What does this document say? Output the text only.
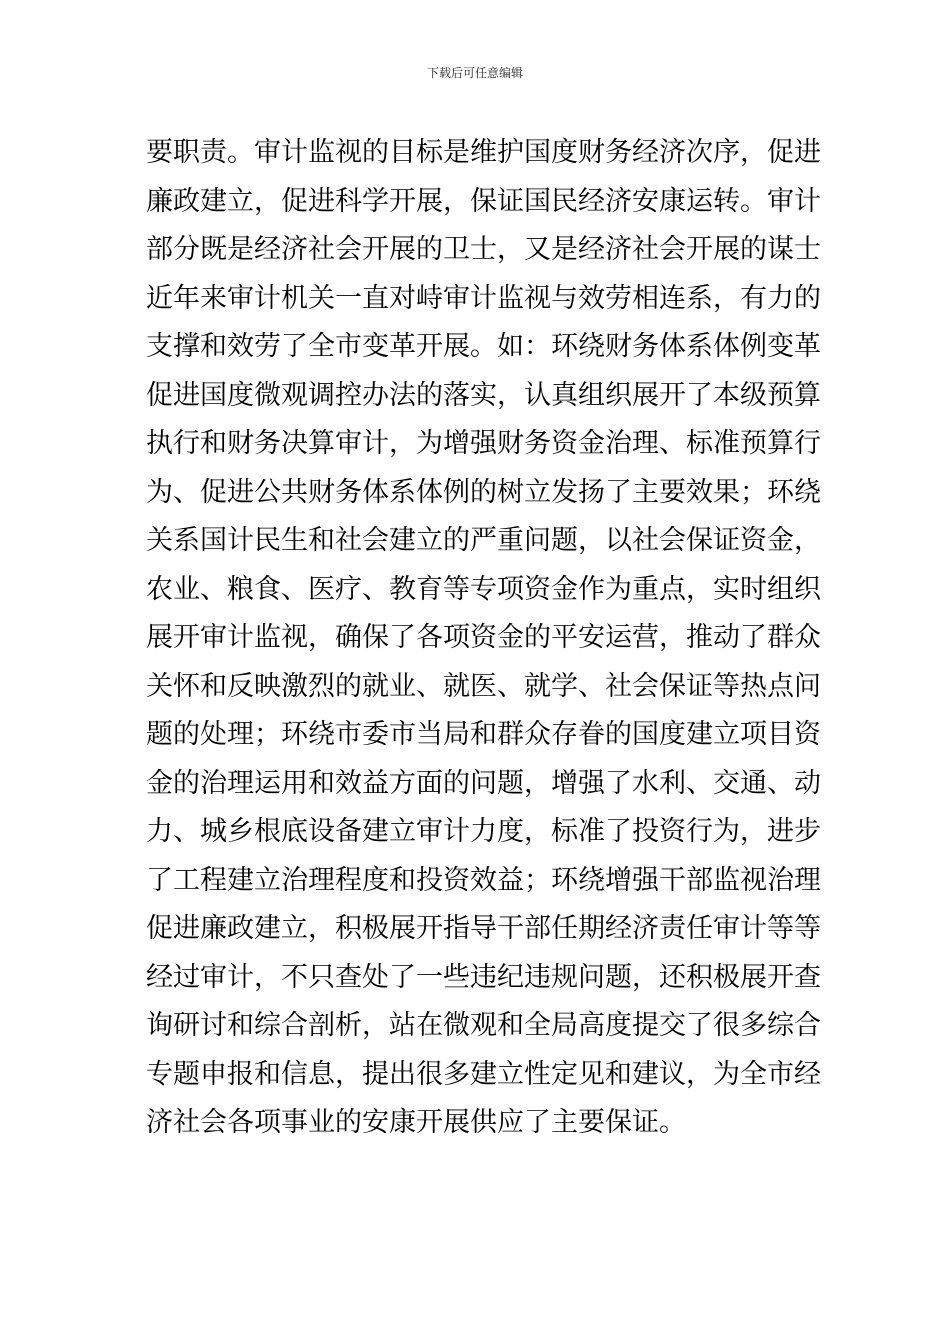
下载后可任意编辑
要职责。审计监视的目标是维护国度财务经济次序，促进
廉政建立，促进科学开展，保证国民经济安康运转。审计
部分既是经济社会开展的卫士，又是经济社会开展的谋士
近年来审计机关一直对峙审计监视与效劳相连系，有力的
支撑和效劳了全市变革开展。如：环绕财务体系体例变革
促进国度微观调控办法的落实，认真组织展开了本级预算
执行和财务决算审计，为增强财务资金治理、标准预算行
为、促进公共财务体系体例的树立发扬了主要效果；环绕
关系国计民生和社会建立的严重问题，以社会保证资金，
农业、粮食、医疗、教育等专项资金作为重点，实时组织
展开审计监视，确保了各项资金的平安运营，推动了群众
关怀和反映激烈的就业、就医、就学、社会保证等热点问
题的处理；环绕市委市当局和群众存眷的国度建立项目资
金的治理运用和效益方面的问题，增强了水利、交通、动
力、城乡根底设备建立审计力度，标准了投资行为，进步
了工程建立治理程度和投资效益；环绕增强干部监视治理
促进廉政建立，积极展开指导干部任期经济责任审计等等
经过审计，不只查处了一些违纪违规问题，还积极展开查
询研讨和综合剖析，站在微观和全局高度提交了很多综合
专题申报和信息，提出很多建立性定见和建议，为全市经
济社会各项事业的安康开展供应了主要保证。
